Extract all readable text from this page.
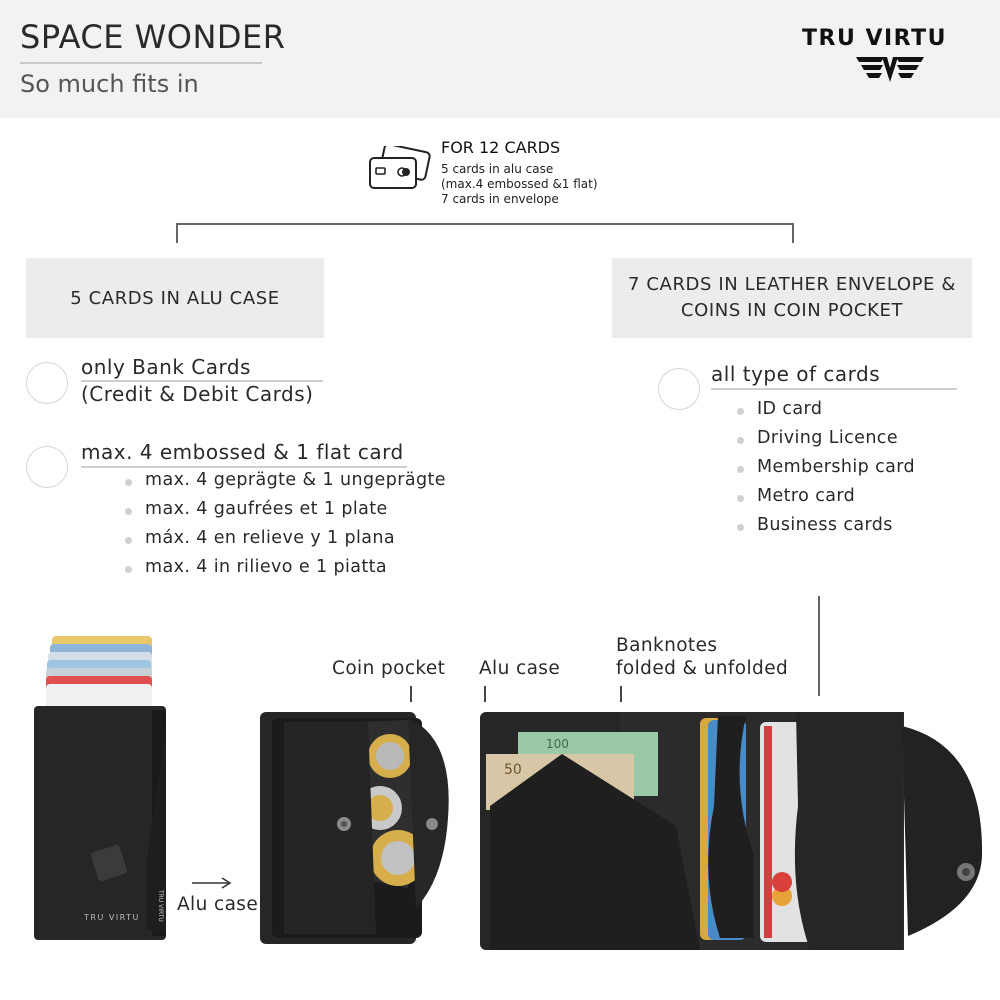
SPACE WONDER
So much fits in
TRU VIRTU
FOR 12 CARDS
5 cards in alu case
(max.4 embossed &1 flat)
7 cards in envelope
5 CARDS IN ALU CASE
only Bank Cards
(Credit & Debit Cards)
max. 4 embossed & 1 flat card
max. 4 geprägte & 1 ungeprägte
max. 4 gaufrées et 1 plate
máx. 4 en relieve y 1 plana
max. 4 in rilievo e 1 piatta
7 CARDS IN LEATHER ENVELOPE &
COINS IN COIN POCKET
all type of cards
ID card
Driving Licence
Membership card
Metro card
Business cards
Coin pocket Alu case
Banknotes
folded & unfolded
Alu case
TRU VIRTU	TRU VIRTU
100
50
